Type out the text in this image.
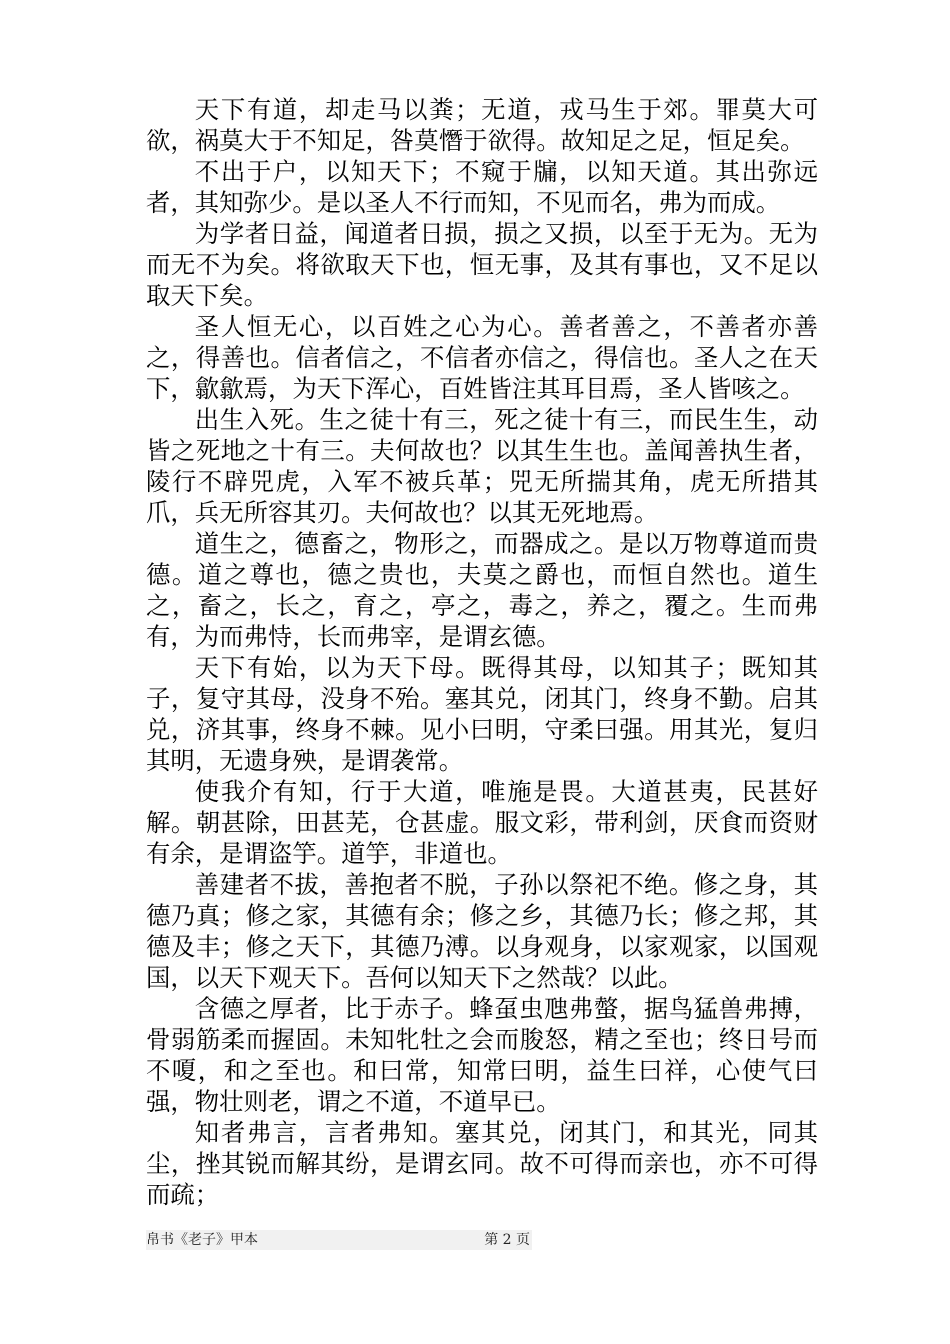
天下有道，却走马以粪；无道，戎马生于郊。罪莫大可欲，祸莫大于不知足，咎莫憯于欲得。故知足之足，恒足矣。

不出于户，以知天下；不窥于牖，以知天道。其出弥远者，其知弥少。是以圣人不行而知，不见而名，弗为而成。

为学者日益，闻道者日损，损之又损，以至于无为。无为而无不为矣。将欲取天下也，恒无事，及其有事也，又不足以取天下矣。

圣人恒无心，以百姓之心为心。善者善之，不善者亦善之，得善也。信者信之，不信者亦信之，得信也。圣人之在天下，歙歙焉，为天下浑心，百姓皆注其耳目焉，圣人皆咳之。

出生入死。生之徒十有三，死之徒十有三，而民生生，动皆之死地之十有三。夫何故也？以其生生也。盖闻善执生者，陵行不辟兕虎，入军不被兵革；兕无所揣其角，虎无所措其爪，兵无所容其刃。夫何故也？以其无死地焉。

道生之，德畜之，物形之，而器成之。是以万物尊道而贵德。道之尊也，德之贵也，夫莫之爵也，而恒自然也。道生之，畜之，长之，育之，亭之，毒之，养之，覆之。生而弗有，为而弗恃，长而弗宰，是谓玄德。

天下有始，以为天下母。既得其母，以知其子；既知其子，复守其母，没身不殆。塞其兑，闭其门，终身不勤。启其兑，济其事，终身不棘。见小曰明，守柔曰强。用其光，复归其明，无遗身殃，是谓袭常。

使我介有知，行于大道，唯施是畏。大道甚夷，民甚好解。朝甚除，田甚芜，仓甚虚。服文彩，带利剑，厌食而资财有余，是谓盗竽。道竽，非道也。

善建者不拔，善抱者不脱，子孙以祭祀不绝。修之身，其德乃真；修之家，其德有余；修之乡，其德乃长；修之邦，其德及丰；修之天下，其德乃溥。以身观身，以家观家，以国观国，以天下观天下。吾何以知天下之然哉？以此。

含德之厚者，比于赤子。蜂虿虫虺弗螫，据鸟猛兽弗搏，骨弱筋柔而握固。未知牝牡之会而朘怒，精之至也；终日号而不嗄，和之至也。和曰常，知常曰明，益生曰祥，心使气曰强，物壮则老，谓之不道，不道早已。

知者弗言，言者弗知。塞其兑，闭其门，和其光，同其尘，挫其锐而解其纷，是谓玄同。故不可得而亲也，亦不可得而疏；

帛书《老子》甲本	第 2 页
